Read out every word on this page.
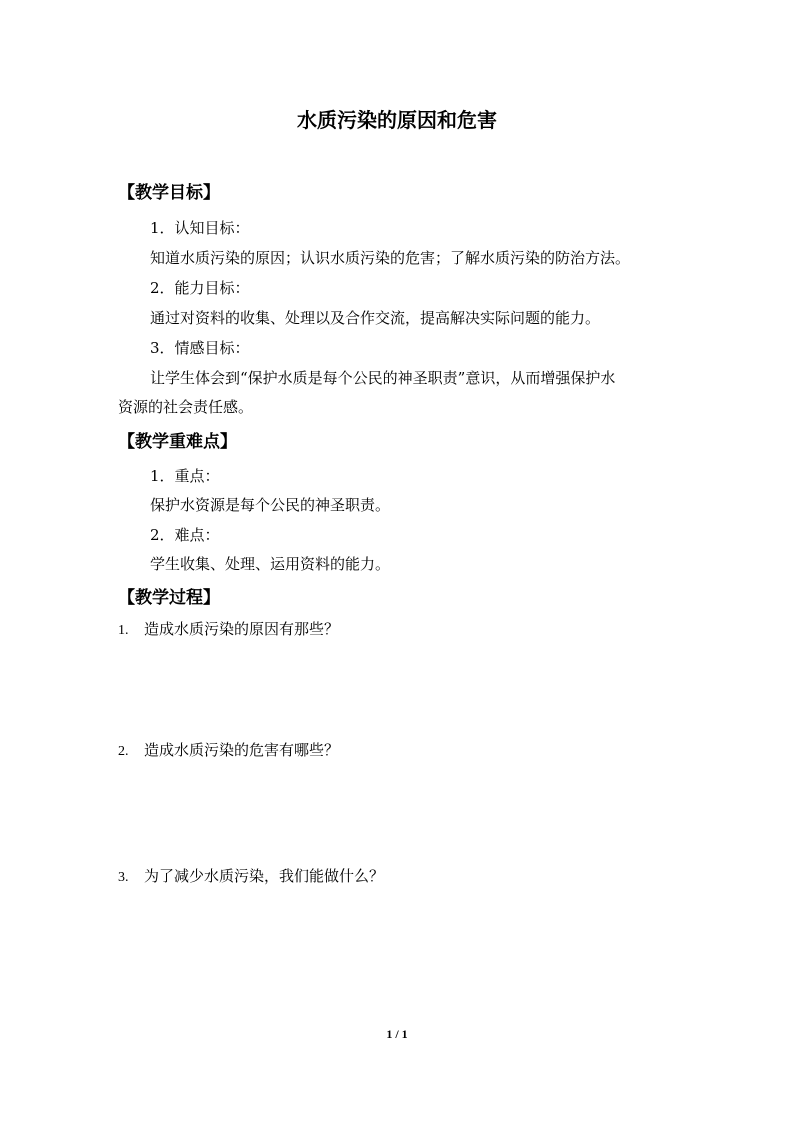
水质污染的原因和危害
【教学目标】
1．认知目标：
知道水质污染的原因；认识水质污染的危害；了解水质污染的防治方法。
2．能力目标：
通过对资料的收集、处理以及合作交流，提高解决实际问题的能力。
3．情感目标：
让学生体会到“保护水质是每个公民的神圣职责”意识，从而增强保护水
资源的社会责任感。
【教学重难点】
1．重点：
保护水资源是每个公民的神圣职责。
2．难点：
学生收集、处理、运用资料的能力。
【教学过程】
1. 造成水质污染的原因有那些？
2. 造成水质污染的危害有哪些？
3. 为了减少水质污染，我们能做什么？
1 / 1
